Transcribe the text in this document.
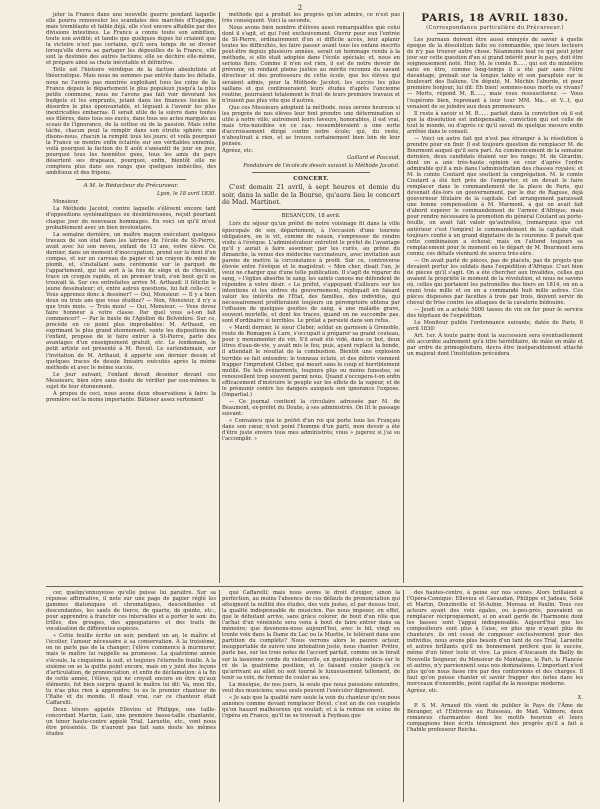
2

jeter la France dans une nouvelle guerre pendant laquelle elle pourra renouveler les scandales des marchés d'Espagne, mais tremblante et faible déjà, elle s'est encore affaiblie par des divisions intestines. La France a connu toute son ambition, toute son avidité; et tandis que quelques dupes lui criaient que la victoire n'est pas certaine, qu'il sera temps de se diviser lorsqu'elle devra se partager les dépouilles de la France, elle suit la destinée des autres factions; elle se déchire elle-même, et prépare ainsi sa chute inévitable et définitive.

Telle est l'histoire véridique de la faction absolutiste et théocratique. Mais nous ne sommes pas entrés dans les détails, nous ne l'avons pas montrée exploitant tous les coins de la France depuis le département le plus populeux jusqu'à la plus petite commune, nous ne l'avons pas fait voir dévorant les budgets et les emprunts, jetant dans les finances locales le désordre le plus épouvantable, et léguant à l'avenir les plus inextricables embarras. Il serait utile de la suivre dans toutes ses filières, dans tous ses excès, dans tous ses actes marqués au sceau de l'ignorance, de la sottise ou de la passion. Mais cette tâche, chacun peut la remplir dans son étroite sphère; une disons-nous, chacun la remplit tous les jours; et voilà pourquoi la France se montre enfin éclairée sur ses véritables ennemis, voilà pourquoi la faction du 8 août s'anéantit de jour en jour, pourquoi tous les honnêtes gens, tous les amis du pays désertent ses drapeaux, pourquoi, enfin, bientôt elle ne comptera plus dans ses rangs que quelques imbéciles, des ambitieux et des fripons.

A M. le Rédacteur du Précurseur.

Lyon, le 18 avril 1830.

Monsieur,

La Méthode Jacotot, contre laquelle s'élèvent encore tant d'oppositions systématiques ou désintéressées, reçoit pourtant chaque jour de nouveaux hommages. En voici un qu'il m'est probablement avec un bien involontaire.

La semaine dernière, un maître maçon exécutant quelques travaux de son état dans les latrines de l'école de St-Pierre, avait avec lui son neveu, enfant de 13 ans, votre élève. Ce dernier, dans un moment d'inoccupation, prend sur la dent d'un compas, et sur un carreau de papier et un crayon de mine de plomb, et, s'installant sans cérémonie sur le parquet de l'appartement, qui lui sert à la fois de siège et de chevalet, trace un croquis rapide, et un premier trait, s'en bout qu'il se trouvait là. Sur ces entrefaites arrive M. Arthaud: il félicite le jeune dessinateur; et, entre autres questions, lui fait celle-ci: « Vous apprenez donc à dessiner? — Oui, Monsieur. — Il y a bien deux ou trois ans que vous étudiez? — Non, Monsieur, il n'y a que trois mois. — Trois mois! — Oui, Monsieur. — Vous devez faire honneur à votre classe. Par quel vous a-t-on fait commencer? — Par le buste de l'Apollon du Belvédère. Sur ce, procède en ce point plus improbables: M. Arthaud, en exprimant le plus grand étonnement, vante les dispositions de l'enfant, propose de le faire entrer à St-Pierre, parle des avantages d'un enseignement gratuit, etc. Le lendemain, le petit artiste est présenté à M. Revoil. Le surlendemain, sur l'invitation de M. Arthaud, il apporte son dernier dessin et quelques traces de dessin linéaire exécutés après la même méthode et avec le même succès.

Le jour suivant, l'enfant devait dessiner devant ces Messieurs, bien sûrs sans doute de vérifier par eux-mêmes le sujet de leur étonnement.

À propos de ceci, nous avons deux observations à faire: la première est la moins importante. Bâtisser assez vertement

méthode qui a produit les progrès qu'on admire, ce n'est pas très conséquent. Voici la seconde.

Nous avons bien nombre d'élèves aussi remarquables que celui dont il s'agit, et qui l'ont exclusivement. Ouvrir pour eux l'entrée de St-Pierre, ordinairement d'un si difficile accès, leur aplanir toutes les difficultés, les faire passer avant tous les enfans inscrits peut-être depuis plusieurs années, serait un hommage rendu à la méthode, si elle était adoptée dans l'école spéciale; et, nous en serions fiers. Comme il n'en est rien, il est de notre devoir de prévenir, en rendant pleine justice au mérite reconnu du savant directeur et des professeurs de cette école, que les élèves qui seraient admis, pour la Méthode Jacotot, les succès les plus saillans et qui continueraient leurs études d'après l'ancienne routine, pourraient totalement le fruit de leurs premiers travaux et n'iraient pas plus vite que d'autres.

Que ces Messieurs adoptent la méthode, nous serons heureux si les progrès de nos élèves leur font prendre une détermination si utile à notre ville; autrement leurs faveurs, honorables, il est vrai, mais très-nuisibles en ce cas, ressembleraient à une sorte d'accroissement dirigé contre notre école; qui, du reste, n'aboutirait à rien, et se trouve certainement bien loin de leur pensée.

Agréez, etc.

Gaillard et Pascaud,

Fondateurs de l'école de dessin suivant la Méthode Jacotot.

CONCERT.

C'est demain 21 avril, à sept heures et demie du soir, dans la salle de la Bourse, qu'aura lieu le concert de Mad. Martinet.

BESANÇON, 18 avril.

Lors du séjour qu'un préfet de notre voisinage fit dans la ville épiscopale de son département, à l'occasion d'une tournée obligatoire, on le vit, comme de raison, s'empresser de rendre visite à l'évêque. L'administrateur entretint le préfet de l'avantage qu'il y aurait à faire assonner, par les curés, au prône du dimanche, la venue des médecins vaccinateurs, avec invitation aux parens de mettre la circonstance à profit. Sur ce, controverse élevée entre l'évêque et le magistrat: « Mon cher, disait l'un, je veux ne charger que d'une telle publication. Il s'agit de réparer du sang, » l'église absorbe le sang; les saints canons me défendent de répondre à votre désir. » Le préfet, s'appuyant d'ailleurs sur les intentions et les ordres du gouvernement, répliquait en faisant valoir les intérêts de l'État, des familles, des individus, qui nécessairement profiteraient toujours un péremptoire obtenu par l'effusion de quelques gouttes de sang, à une maladie grave, souvent mortelle, et dont les traces, quand on ne succombe pas, sont d'ordinaire si terribles. Le prélat a persisté dans son refus.

« Mardi dernier, le sieur Cleber, soldat en garnison à Grenoble, route de Romagon à Lure, s'occupait à préparer sa grand couteau, pour y monumenter du vin. S'il avait été vidé, dans ce but, deux litres d'eau-de-vie, y avait mis le feu; puis, ayant replacé la bonde, il attendait le résultat de la combustion. Bientôt une explosion terrible se fait entendre; le tonneau éclate, et des débris viennent frapper l'imprudent Cléber, qui meurt sans le coup et horriblement mutilé. De tels événements, toujours plus ou moins funestes, se renouvellent trop souvent parmi nous. Quand s'occupera-t-on enfin efficacement d'instruire le peuple sur les effets de la vapeur, et de le prémunir contre les dangers auxquels son ignorance l'expose. (Impartial.)

— Ce journal contient la circulaire adressée par M. de Beaumont, ex-préfet du Doubs, à ses administrés. On lit le passage suivant:

« Convaincu que le préfet d'un roi qui porte tous les Français dans son cœur, n'est point l'homme d'un parti, mon devoir a été d'être juste envers tous mes administrés; vous » jugerez si j'ai su l'accomplir. »

PARIS, 18 AVRIL 1830.

(Correspondance particulière du Précurseur.)

Les journaux doivent être aussi ennuyés de savoir à quelle époque de la dissolution faite ou commandée, que leurs lecteurs de n'y pas trouver autre chose. Néanmoins tout ce qui peut jeter jour sur cette question d'un si grand intérêt pour le pays, doit être soigneusement noté. Hier, M. le comte B...... qui est du ministère sans en être, comme long-temps il a été pair sans l'être davantage, prenait sur la longue table et son parapluie sur le boulevart des Italiens. Un député, M. Méchin l'aborde, et pour première bonjour, lui dit: Eh bien! sommes-nous morts ou vivans? — Morts, répond M. B......, mais vous ressusciterez. — Vous l'espérons bien, reprenant à leur tour MM. Ma... et V...t, qui venaient de se joindre aux deux promeneurs.

Il reste à savoir si M. B...... parlait dans la conviction où il est que la dissolution est indispensable, conviction qui est celle de tout le monde, ou d'après ce qu'il savait de quelque mesure enfin arrêtée dans le conseil.

— Voici un autre fait qui n'est pas étranger à la résolution à prendre pour en finir. Il est toujours question de remplacer M. de Bourmont auquel qu'il sera part. Au commencement de la semaine dernière, deux candidats étaient sur les rangs; M. de Girardin, dont on a une très-haute opinion en cour d'après l'ordre admirable qu'il a mis dans l'administration des chasses royales; et M. le comte Coutard que soutient la congrégation. M. le comte Coutard a été fort près de l'emporter, et on devait le faire remplacer dans le commandement de la place de Paris, qui devenait dès-lors un gouvernement, par le duc de Raguse, déjà gouverneur titulaire de la capitale. Cet arrangement paraissait une bonne compensation à M. Marmont, à qui on avait fait d'abord espérer le commandement de l'armée d'Afrique; mais pour rendre nécessaire la promotion du général Coutard au porte-feuille, on avait fait valoir qu'autrefois, (remarquez que cet antérieur c'est l'empire) le commandement de la capitale était toujours confié à un grand dignitaire de la couronne. Il paraît que cette combinaison a échoué; mais on l'attend toujours sa remplacement pour le moment où le départ de M. Bourmont sera connu; ces détails viennent de source très-sûre.

— On avait parlé de pièces, pas de placets, pas de projets que devaient porter les soldats dans l'expédition d'Afrique. C'est bien de pièces qu'il s'agit. On a été chercher aux Invalides, celles qui avaient la propriété le moment de la révolution, et nous ne savons où, celles qui portaient les patronelles des hiers en 1814, on en a réuni trois mille et on en a commandé huit mille autres. Ces pièces disposées par facettes à trois par trois, doivent servir de cheval de frise contre les attaques de la cavalerie bédouine.

— Jeudi on a acheté 5000 tasses de vin en fer pour le service des hôpitaux de l'expédition.

Le Moniteur publie l'ordonnance suivante, datée de Paris, 6 avril 1830:

Art. 1er. À toute pairie dont la succession sera éventuellement été accordée autrement qu'à titre héréditaire, de mâle en mâle et par ordre de primogéniture, devra être inséparablement attaché un majorat dont l'institution précèdera

cer, quelqu'ennuyeuse qu'elle puisse lui paraître. Sur sa réponse affirmative, il note sur une page de papier réglé les gammes diatoniques et chromatiques, descendantes et descendantes, les sauts de tierce, de quarte, de quinte, etc., pour apprendre à franchir ces intervalles et à porter le son: du trilles, des groupes, des appogiatures et des traits de vocalisation de différentes espèces.

« Cette feuille écrite un soir, pendant un an, le maître et l'écolier, l'amour nécessaire à sa conservation. À la troisième, on ne parle pas de la changer; l'élève commence à murmurer, mais le maître lui rappelle sa promesse. La quatrième année s'écoule, la cinquième la suit, et toujours l'éternelle feuille. A la sixième on se la quitte point encore, mais on y joint des leçons d'articulation, de prononciation, et enfin de déclamation: à la fin de cette année, l'élève, qui ne croyait encore en être qu'aux éléments, fut bien surpris quand le maître lui dit: Va, mon fils, tu n'as plus rien à apprendre; tu es le premier chanteur de l'Italie et du monde. Il disait vrai, car ce chanteur était Caffarelli.

Deux ténors appelés Elleviou et Philippe, une taille-concordant Martin, Lais, une première basse-taille chantante, un ténor haute-contre appelé Trial, Laruette, etc., vont nous être présentés. Ils n'auront pas fait sans doute les mêmes études

que Caffarelli; mais nous avons le droit d'exiger, sinon la perfection, au moins l'absence de ces défauts de prononciation qui atteignent la nullité des études, des voix justes, et par dessus tout, la qualité indispensable de musicien. Pas nous imposer, en effet, que le débutant arrive, sans grâce colorer, de bout d'un rôle que l'achat d'un vénéniste sera venu à bout de faire entrer dans sa mémoire; que devenons-nous aujourd'hui, avec le bit, vingt ou trente voix dans la Dame du Lac ou la Muette, le tolérant dans une partition du complète? Nous verrons alors le pauvre acteur, insupportable de suivre une intonation juste, nous chanter: Prêtre, parle bas, sur les trois notes de l'accord parfait, comme on le ferait sur la lassionne corde du violoncelle, en quelquefois indécis sur le ré de la quatrième position, et le faisant couler jusqu'à ce qu'arrivant au sillet ou soit tourné le luxueusement tellement, de tenir sa voix, de former de couler au seu.

La musique, de nos jours, la seule que nous puissions entendre, veut des musiciens; sous seuls peuvent l'exécuter dignement.

« Je sais que la qualité rare seule la voix du chanteur qu'on nous annonce comme devant remplacer Bevel, c'est un de ces couplets qu'on hasard malheureux qui voulait; et à la remise en scène de l'opéra en France, qu'il ne se trouvait à Feydeau que

des hautes-contre, à peine sur nos scènes. Alors brillaient à l'Opéra-Comique: Elleviou et Gavaudan, Philippe et Jadeau, Solié et Martin, Donzinville et St-Aubin, Moreau et Paulin. Tous ces acteurs ayant des voix égales, ou à-peu-près, pouvaient se remplacer réciproquement, si on avait gardé de l'harmonie dont les basses sont l'appui indispensable. Aujourd'hui que les compositeurs sont plus à l'aise, en plus que n'ayant plus de chanteurs, ils ont cessé de composer exclusivement pour des individus, nous avons plus besoin d'un tant de ces Trial, Laruette et autres brillants qu'il ne bonnement préféré que le succès, même d'un ténor leste et vive. La pièce d'Aucassin du Bailly de Nouvelle Seigneur, du Monsieur de Montagne, le Pari, la Flancée et autres, n'y parviennent sous nos dominations. L'important n'est plus qu'on nous fasse rire par des contorsions et des charges. Il faut qu'on puisse chanter et savoir frapper des notes dans les morceaux d'ensemble, point capital de la musique moderne.

Agréez, etc.

X.

P. S. M. Arnaud fils vient de publier le Pays de l'Âme de Béranger, et l'Entrevue au Ruisseau, de Mad. Valmore, deux romances charmantes dont les motifs heureux et leurs compagnons bien écrits témoignent des progrès qu'il a fait à l'habile professeur Reicha.
